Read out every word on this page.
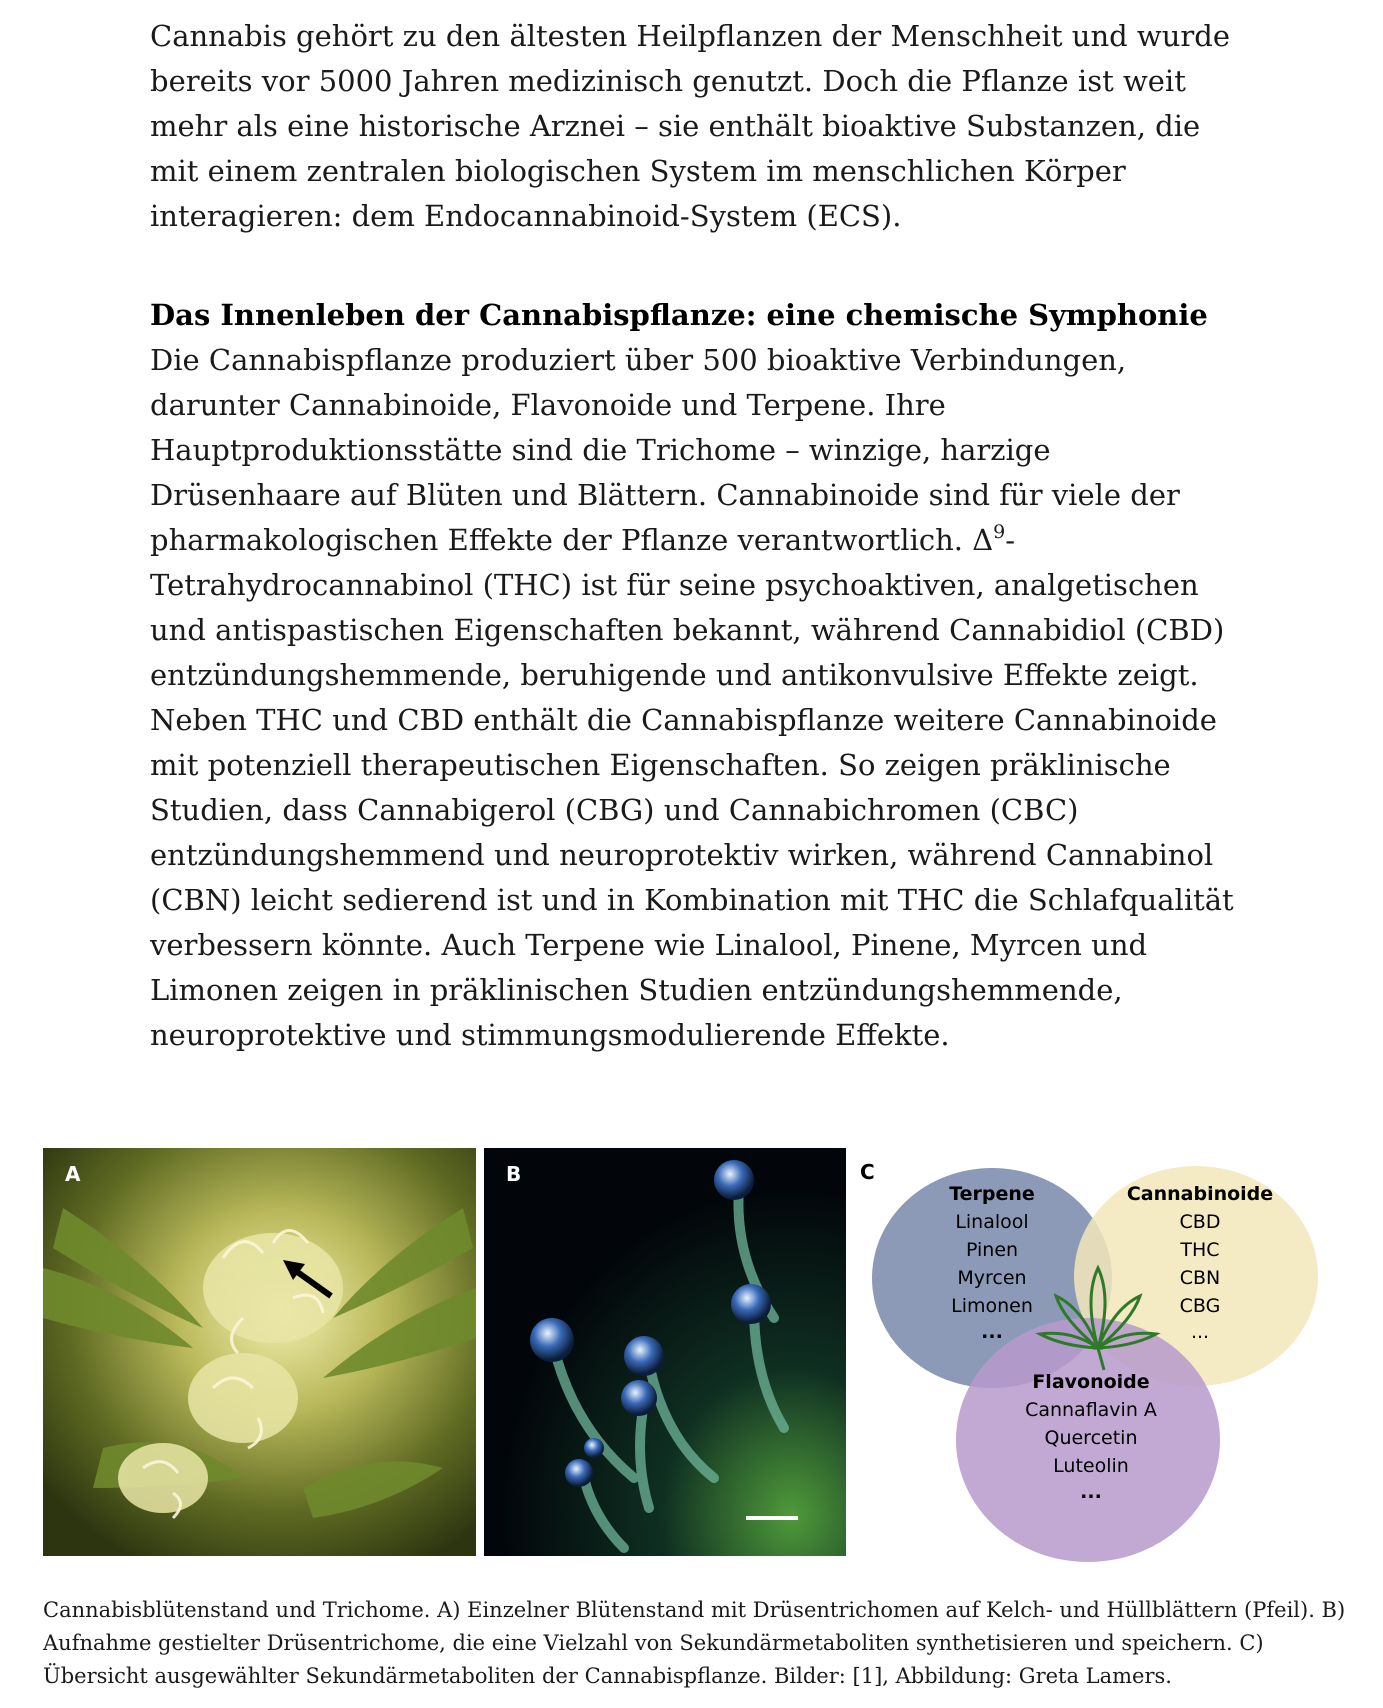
Cannabis gehört zu den ältesten Heilpflanzen der Menschheit und wurde bereits vor 5000 Jahren medizinisch genutzt. Doch die Pflanze ist weit mehr als eine historische Arznei – sie enthält bioaktive Substanzen, die mit einem zentralen biologischen System im menschlichen Körper interagieren: dem Endocannabinoid-System (ECS).

Das Innenleben der Cannabispflanze: eine chemische Symphonie

Die Cannabispflanze produziert über 500 bioaktive Verbindungen, darunter Cannabinoide, Flavonoide und Terpene. Ihre Hauptproduktionsstätte sind die Trichome – winzige, harzige Drüsenhaare auf Blüten und Blättern. Cannabinoide sind für viele der pharmakologischen Effekte der Pflanze verantwortlich. $\Delta^9$-Tetrahydrocannabinol (THC) ist für seine psychoaktiven, analgetischen und antispastischen Eigenschaften bekannt, während Cannabidiol (CBD) entzündungshemmende, beruhigende und antikonvulsive Effekte zeigt. Neben THC und CBD enthält die Cannabispflanze weitere Cannabinoide mit potenziell therapeutischen Eigenschaften. So zeigen präklinische Studien, dass Cannabigerol (CBG) und Cannabichromen (CBC) entzündungshemmend und neuroprotektiv wirken, während Cannabinol (CBN) leicht sedierend ist und in Kombination mit THC die Schlafqualität verbessern könnte. Auch Terpene wie Linalool, Pinene, Myrcen und Limonen zeigen in präklinischen Studien entzündungshemmende, neuroprotektive und stimmungsmodulierende Effekte.

A	B
Terpene
Linalool
Pinen
Myrcen
Limonen
...
Cannabinoide
CBD
THC
CBN
CBG
...
Flavonoide
Cannaflavin A
Quercetin
Luteolin
...
C

Cannabisblütenstand und Trichome. A) Einzelner Blütenstand mit Drüsentrichomen auf Kelch- und Hüllblättern (Pfeil). B) Aufnahme gestielter Drüsentrichome, die eine Vielzahl von Sekundärmetaboliten synthetisieren und speichern. C) Übersicht ausgewählter Sekundärmetaboliten der Cannabispflanze. Bilder: [1], Abbildung: Greta Lamers.
